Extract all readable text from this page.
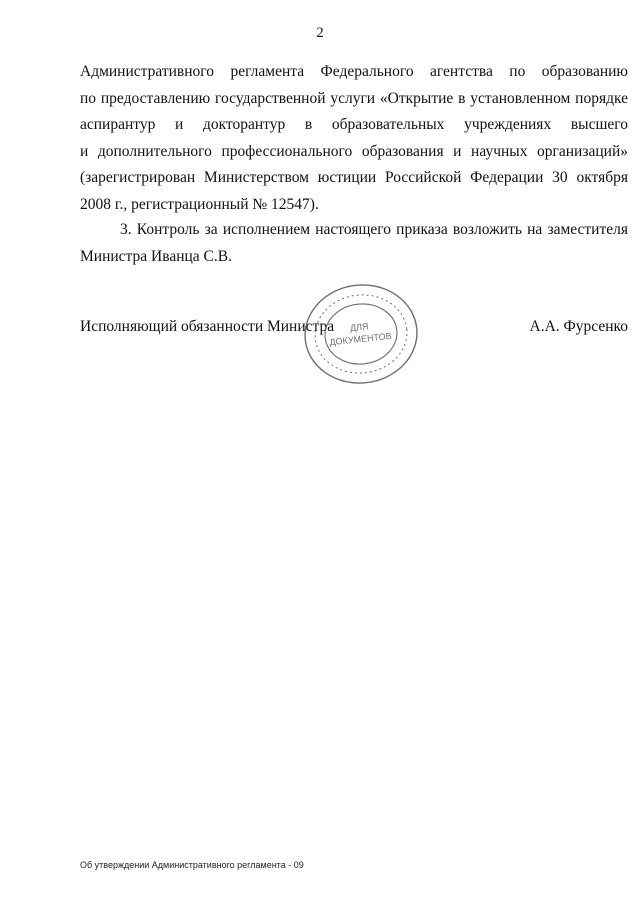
2
Административного регламента Федерального агентства по образованию
по предоставлению государственной услуги «Открытие в установленном порядке
аспирантур и докторантур в образовательных учреждениях высшего
и дополнительного профессионального образования и научных организаций»
(зарегистрирован Министерством юстиции Российской Федерации 30 октября
2008 г., регистрационный № 12547).
3. Контроль за исполнением настоящего приказа возложить на заместителя
Министра Иванца С.В.
Исполняющий обязанности Министра	А.А. Фурсенко
ДЛЯ
ДОКУМЕНТОВ
Об утверждении Административного регламента - 09
